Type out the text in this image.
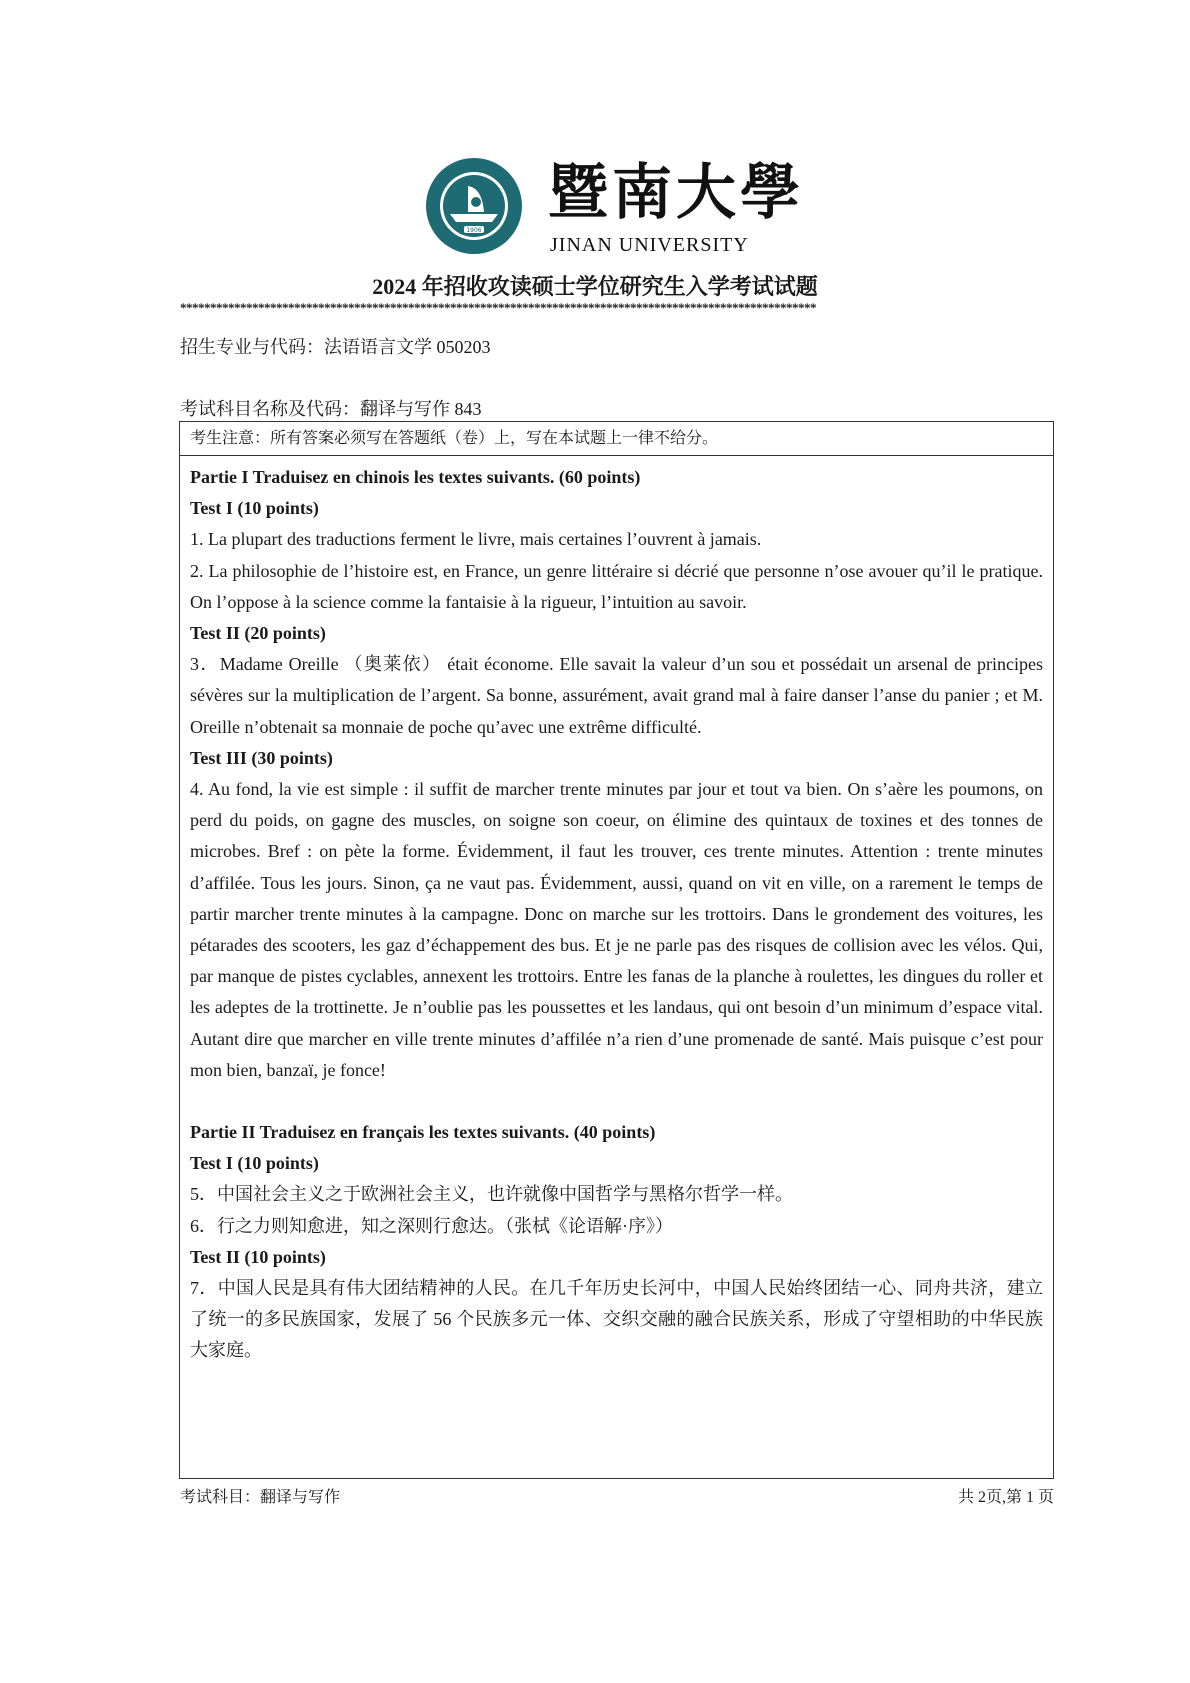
1906
暨南大學
JINAN UNIVERSITY
2024 年招收攻读硕士学位研究生入学考试试题
**********************************************************************************************************
招生专业与代码：法语语言文学 050203
考试科目名称及代码：翻译与写作 843
考生注意：所有答案必须写在答题纸（卷）上，写在本试题上一律不给分。

Partie I Traduisez en chinois les textes suivants. (60 points)

Test I (10 points)

1. La plupart des traductions ferment le livre, mais certaines l’ouvrent à jamais.

2. La philosophie de l’histoire est, en France, un genre littéraire si décrié que personne n’ose avouer qu’il le pratique. On l’oppose à la science comme la fantaisie à la rigueur, l’intuition au savoir.

Test II (20 points)

3．Madame Oreille （奥莱依） était économe. Elle savait la valeur d’un sou et possédait un arsenal de principes sévères sur la multiplication de l’argent. Sa bonne, assurément, avait grand mal à faire danser l’anse du panier ; et M. Oreille n’obtenait sa monnaie de poche qu’avec une extrême difficulté.

Test III (30 points)

4. Au fond, la vie est simple : il suffit de marcher trente minutes par jour et tout va bien. On s’aère les poumons, on perd du poids, on gagne des muscles, on soigne son coeur, on élimine des quintaux de toxines et des tonnes de microbes. Bref : on pète la forme. Évidemment, il faut les trouver, ces trente minutes. Attention : trente minutes d’affilée. Tous les jours. Sinon, ça ne vaut pas. Évidemment, aussi, quand on vit en ville, on a rarement le temps de partir marcher trente minutes à la campagne. Donc on marche sur les trottoirs. Dans le grondement des voitures, les pétarades des scooters, les gaz d’échappement des bus. Et je ne parle pas des risques de collision avec les vélos. Qui, par manque de pistes cyclables, annexent les trottoirs. Entre les fanas de la planche à roulettes, les dingues du roller et les adeptes de la trottinette. Je n’oublie pas les poussettes et les landaus, qui ont besoin d’un minimum d’espace vital. Autant dire que marcher en ville trente minutes d’affilée n’a rien d’une promenade de santé. Mais puisque c’est pour mon bien, banzaï, je fonce!

Partie II Traduisez en français les textes suivants. (40 points)

Test I (10 points)

5．中国社会主义之于欧洲社会主义，也许就像中国哲学与黑格尔哲学一样。

6．行之力则知愈进，知之深则行愈达。（张栻《论语解·序》）

Test II (10 points)

7．中国人民是具有伟大团结精神的人民。在几千年历史长河中，中国人民始终团结一心、同舟共济，建立了统一的多民族国家，发展了 56 个民族多元一体、交织交融的融合民族关系，形成了守望相助的中华民族大家庭。

考试科目：翻译与写作	共 2页,第 1 页
